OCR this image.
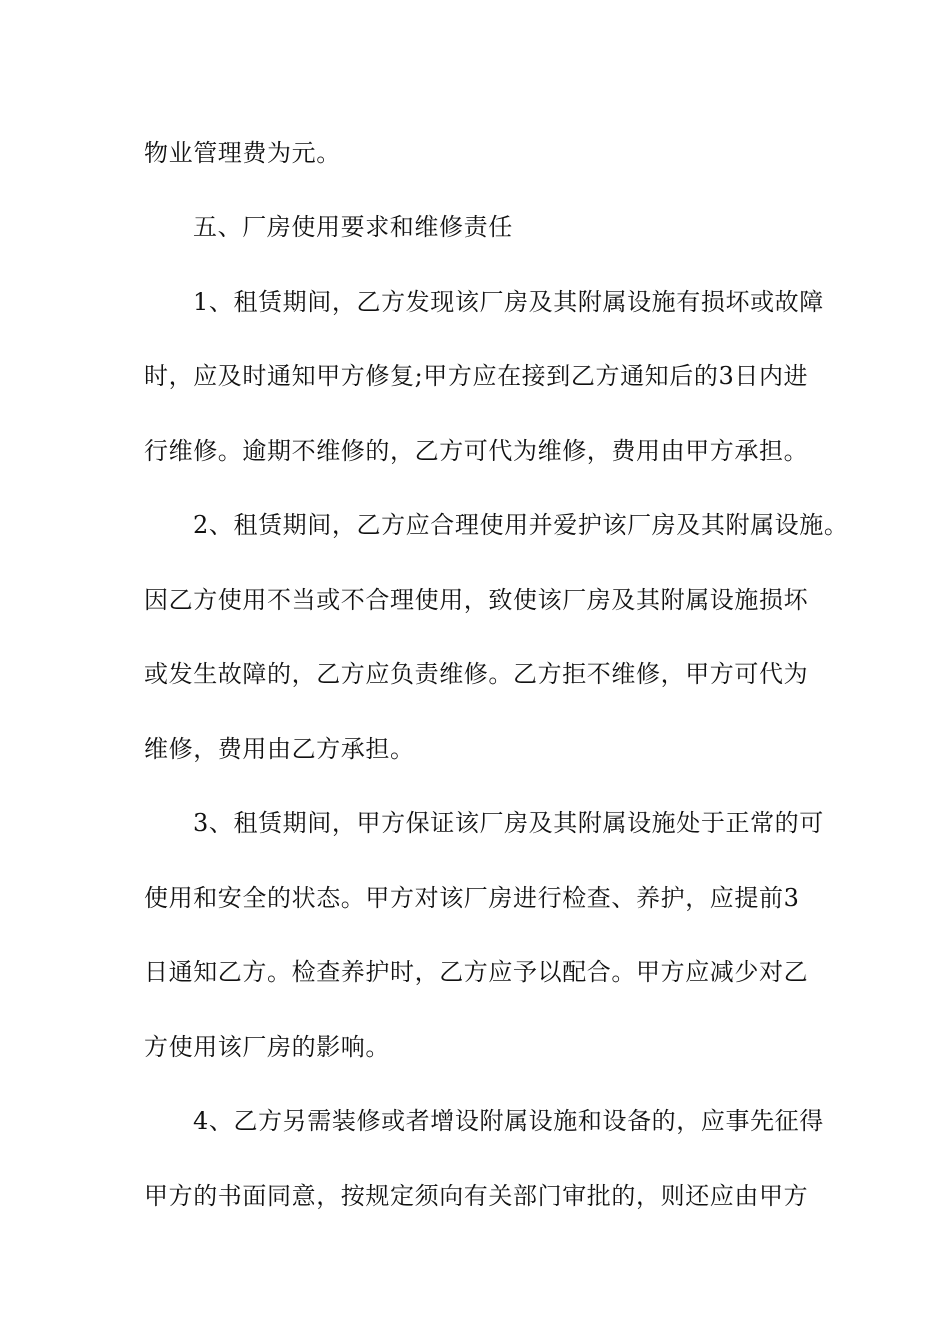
物业管理费为元。
五、厂房使用要求和维修责任
1、租赁期间，乙方发现该厂房及其附属设施有损坏或故障
时，应及时通知甲方修复;甲方应在接到乙方通知后的3日内进
行维修。逾期不维修的，乙方可代为维修，费用由甲方承担。
2、租赁期间，乙方应合理使用并爱护该厂房及其附属设施。
因乙方使用不当或不合理使用，致使该厂房及其附属设施损坏
或发生故障的，乙方应负责维修。乙方拒不维修，甲方可代为
维修，费用由乙方承担。
3、租赁期间，甲方保证该厂房及其附属设施处于正常的可
使用和安全的状态。甲方对该厂房进行检查、养护，应提前3
日通知乙方。检查养护时，乙方应予以配合。甲方应减少对乙
方使用该厂房的影响。
4、乙方另需装修或者增设附属设施和设备的，应事先征得
甲方的书面同意，按规定须向有关部门审批的，则还应由甲方
